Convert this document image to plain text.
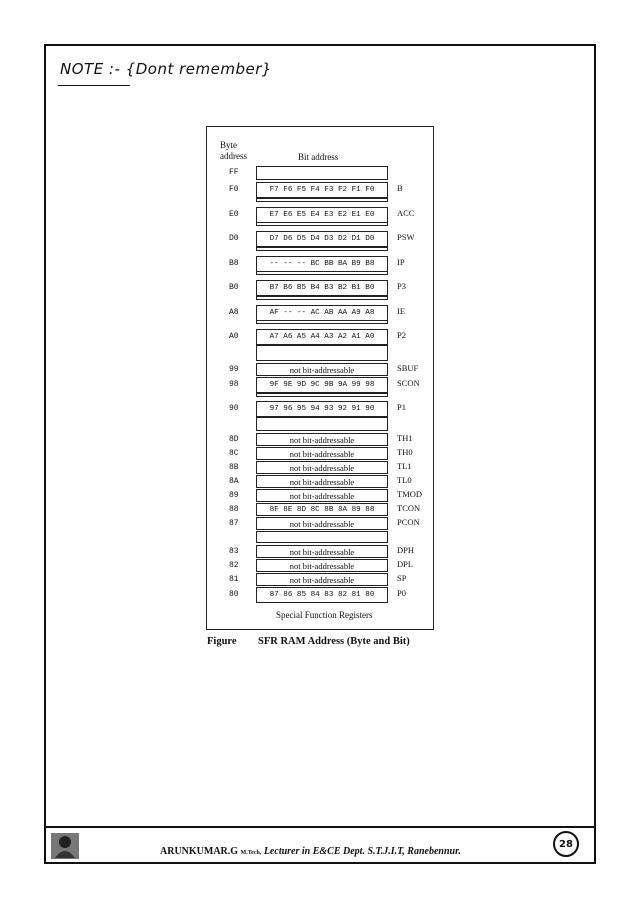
NOTE :- {Dont remember}
Byte
address	Bit address
FF
F0	F7 F6 F5 F4 F3 F2 F1 F0	B
E0	E7 E6 E5 E4 E3 E2 E1 E0	ACC
D0	D7 D6 D5 D4 D3 D2 D1 D0	PSW
B8	-- -- -- BC BB BA B9 B8	IP
B0	B7 B6 B5 B4 B3 B2 B1 B0	P3
A8	AF -- -- AC AB AA A9 A8	IE
A0	A7 A6 A5 A4 A3 A2 A1 A0	P2
99	not bit-addressable	SBUF
98	9F 9E 9D 9C 9B 9A 99 98	SCON
90	97 96 95 94 93 92 91 90	P1
8D	not bit-addressable	TH1
8C	not bit-addressable	TH0
8B	not bit-addressable	TL1
8A	not bit-addressable	TL0
89	not bit-addressable	TMOD
88	8F 8E 8D 8C 8B 8A 89 88	TCON
87	not bit-addressable	PCON
83	not bit-addressable	DPH
82	not bit-addressable	DPL
81	not bit-addressable	SP
80	87 86 85 84 83 82 81 80	P0
Special Function Registers
Figure SFR RAM Address (Byte and Bit)
ARUNKUMAR.G M.Tech, Lecturer in E&CE Dept. S.T.J.I.T, Ranebennur.
28
